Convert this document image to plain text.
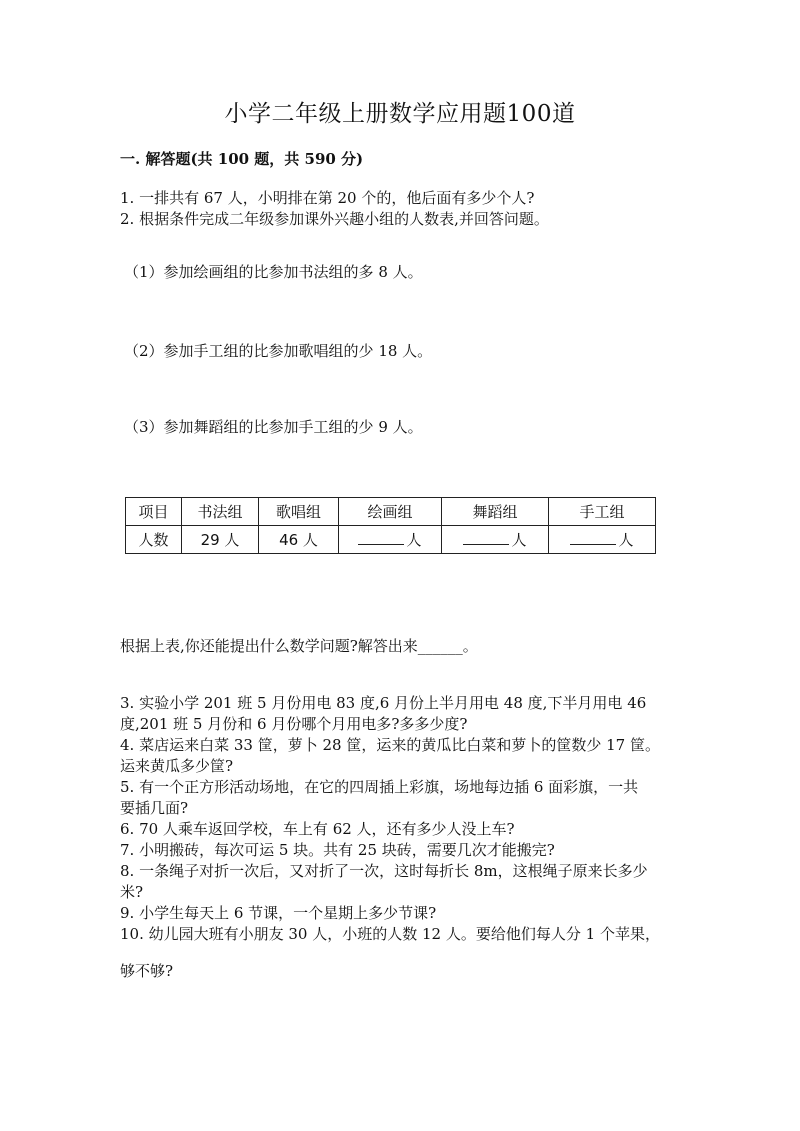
小学二年级上册数学应用题100道
一. 解答题(共 100 题，共 590 分)
1. 一排共有 67 人，小明排在第 20 个的，他后面有多少个人?
2. 根据条件完成二年级参加课外兴趣小组的人数表,并回答问题。
（1）参加绘画组的比参加书法组的多 8 人。
（2）参加手工组的比参加歌唱组的少 18 人。
（3）参加舞蹈组的比参加手工组的少 9 人。
项目	书法组	歌唱组	绘画组	舞蹈组	手工组
人数	29 人	46 人	人	人	人
根据上表,你还能提出什么数学问题?解答出来______。
3. 实验小学 201 班 5 月份用电 83 度,6 月份上半月用电 48 度,下半月用电 46
度,201 班 5 月份和 6 月份哪个月用电多?多多少度?
4. 菜店运来白菜 33 筐，萝卜 28 筐，运来的黄瓜比白菜和萝卜的筐数少 17 筐。
运来黄瓜多少筐?
5. 有一个正方形活动场地，在它的四周插上彩旗，场地每边插 6 面彩旗，一共
要插几面?
6. 70 人乘车返回学校，车上有 62 人，还有多少人没上车?
7. 小明搬砖，每次可运 5 块。共有 25 块砖，需要几次才能搬完?
8. 一条绳子对折一次后，又对折了一次，这时每折长 8m，这根绳子原来长多少
米?
9. 小学生每天上 6 节课，一个星期上多少节课?
10. 幼儿园大班有小朋友 30 人，小班的人数 12 人。要给他们每人分 1 个苹果，
够不够?
